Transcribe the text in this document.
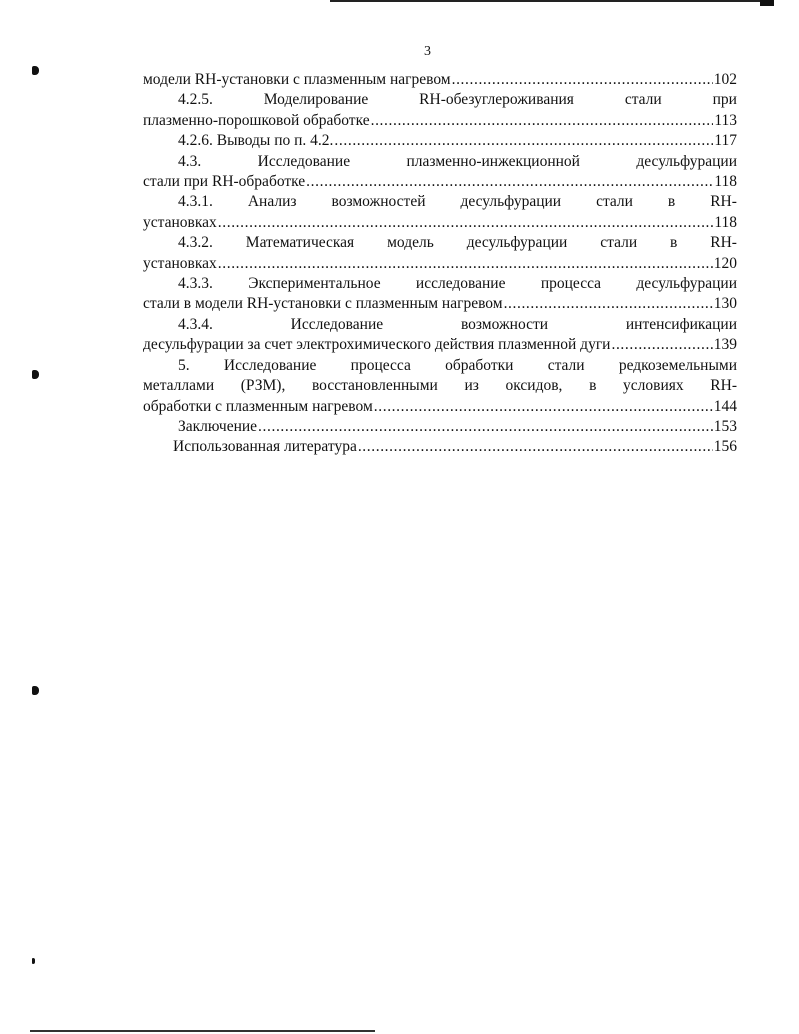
3
модели RH-установки с плазменным нагревом .....	102
4.2.5.	Моделирование	RH-обезуглероживания	стали	при
плазменно-порошковой обработке .....	113
4.2.6. Выводы по п. 4.2. .....	117
4.3.	Исследование	плазменно-инжекционной	десульфурации
стали при RH-обработке .....	118
4.3.1. Анализ возможностей десульфурации стали в RH-
установках .....	118
4.3.2. Математическая модель десульфурации стали в RH-
установках .....	120
4.3.3. Экспериментальное исследование процесса десульфурации
стали в модели RH-установки с плазменным нагревом .....	130
4.3.4.	Исследование	возможности	интенсификации
десульфурации за счет электрохимического действия плазменной дуги .....	139
5. Исследование процесса обработки стали редкоземельными
металлами (РЗМ), восстановленными из оксидов, в условиях RH-
обработки с плазменным нагревом .....	144
Заключение .....	153
Использованная литература .....	156
